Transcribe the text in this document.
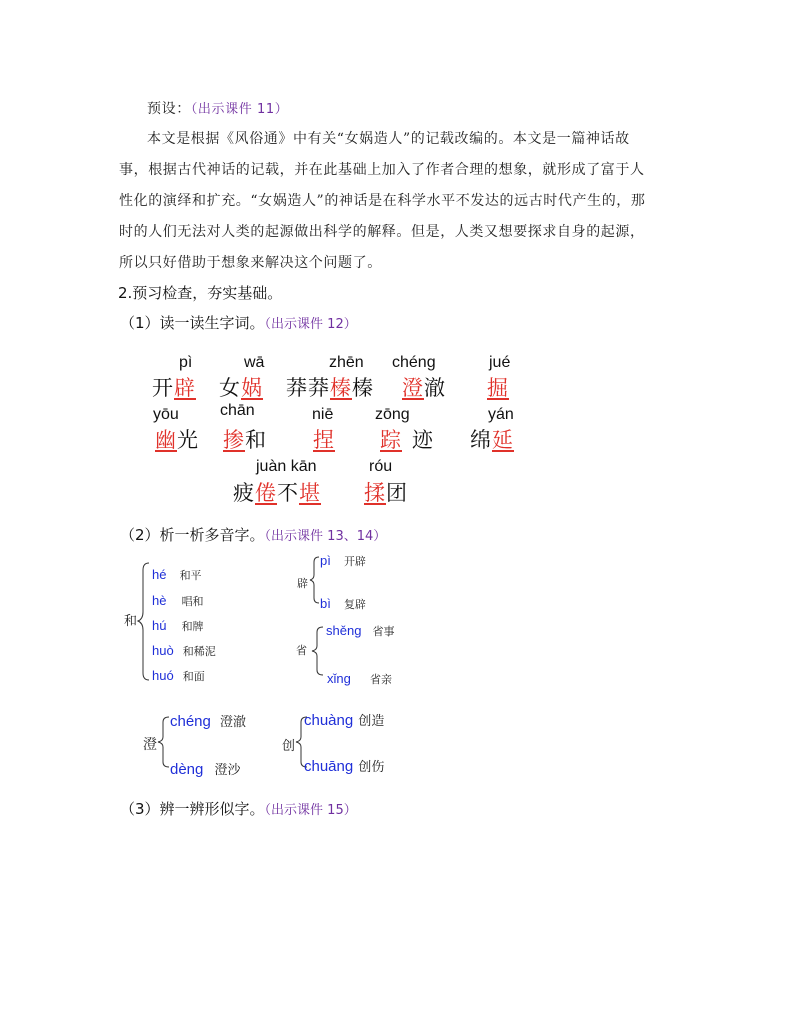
预设：（出示课件 11）
本文是根据《风俗通》中有关“女娲造人”的记载改编的。本文是一篇神话故
事，根据古代神话的记载，并在此基础上加入了作者合理的想象，就形成了富于人
性化的演绎和扩充。“女娲造人”的神话是在科学水平不发达的远古时代产生的，那
时的人们无法对人类的起源做出科学的解释。但是，人类又想要探求自身的起源，
所以只好借助于想象来解决这个问题了。
2.预习检查，夯实基础。
（1）读一读生字词。（出示课件 12）
pì
开辟
wā
女娲
zhēn
莽莽榛榛
chéng
澄澈
jué
掘
yōu
幽光
chān
掺和
niē
捏
zōng
踪 迹
yán
绵延
juàn kān
疲倦不堪
róu
揉团
（2）析一析多音字。（出示课件 13、14）
和
hé 和平
hè 唱和
hú 和牌
huò 和稀泥
huó 和面
辟
pì 开辟
bì 复辟
省
shěng 省事
xǐng 省亲
澄
chéng 澄澈
dèng 澄沙
创
chuàng 创造
chuāng 创伤
（3）辨一辨形似字。（出示课件 15）
